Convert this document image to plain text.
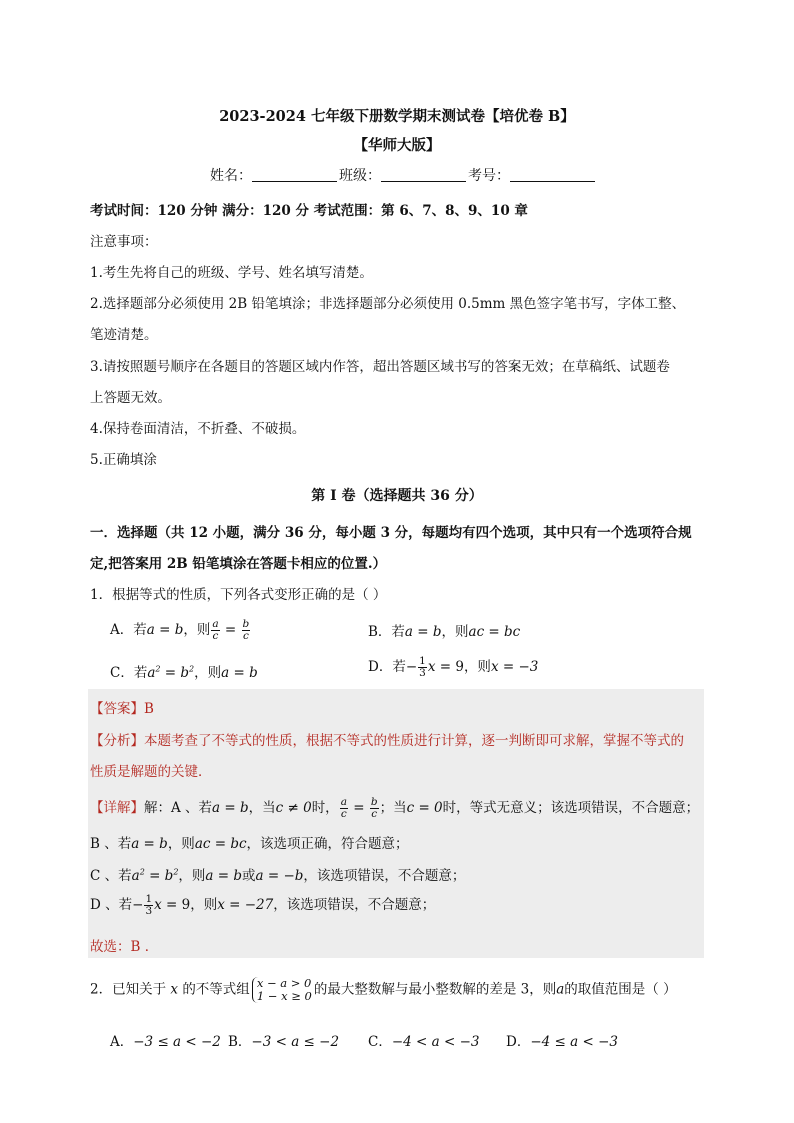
2023-2024 七年级下册数学期末测试卷【培优卷 B】
【华师大版】
姓名：	班级：	考号：
考试时间：120 分钟 满分：120 分 考试范围：第 6、7、8、9、10 章
注意事项：
1.考生先将自己的班级、学号、姓名填写清楚。
2.选择题部分必须使用 2B 铅笔填涂；非选择题部分必须使用 0.5mm 黑色签字笔书写，字体工整、
笔迹清楚。
3.请按照题号顺序在各题目的答题区域内作答，超出答题区域书写的答案无效；在草稿纸、试题卷
上答题无效。
4.保持卷面清洁，不折叠、不破损。
5.正确填涂
第 I 卷（选择题共 36 分）
一．选择题（共 12 小题，满分 36 分，每小题 3 分，每题均有四个选项，其中只有一个选项符合规
定,把答案用 2B 铅笔填涂在答题卡相应的位置.）
1．根据等式的性质，下列各式变形正确的是（ ）
A．若a = b，则 $\frac{a}{c} = \frac{b}{c}$	B．若a = b，则ac = bc
C．若$a^2 = b^2$，则a = b	D．若− $\frac{1}{3}$ x = 9，则x = −3
【答案】B
【分析】本题考查了不等式的性质，根据不等式的性质进行计算，逐一判断即可求解，掌握不等式的
性质是解题的关键．
【详解】解：A 、若a = b，当c ≠ 0时， $\frac{a}{c} = \frac{b}{c}$ ；当c = 0时，等式无意义；该选项错误，不合题意；
B 、若a = b，则ac = bc，该选项正确，符合题意；
C 、若$a^2 = b^2$，则a = b或a = −b，该选项错误，不合题意；
D 、若− $\frac{1}{3}$ x = 9，则x = −27，该选项错误，不合题意；
故选：B ．
2．已知关于 x 的不等式组 x − a > 0
1 − x ≥ 0 的最大整数解与最小整数解的差是 3，则a的取值范围是（ ）
A．−3 ≤ a < −2 B．−3 < a ≤ −2 C．−4 < a < −3 D．−4 ≤ a < −3
